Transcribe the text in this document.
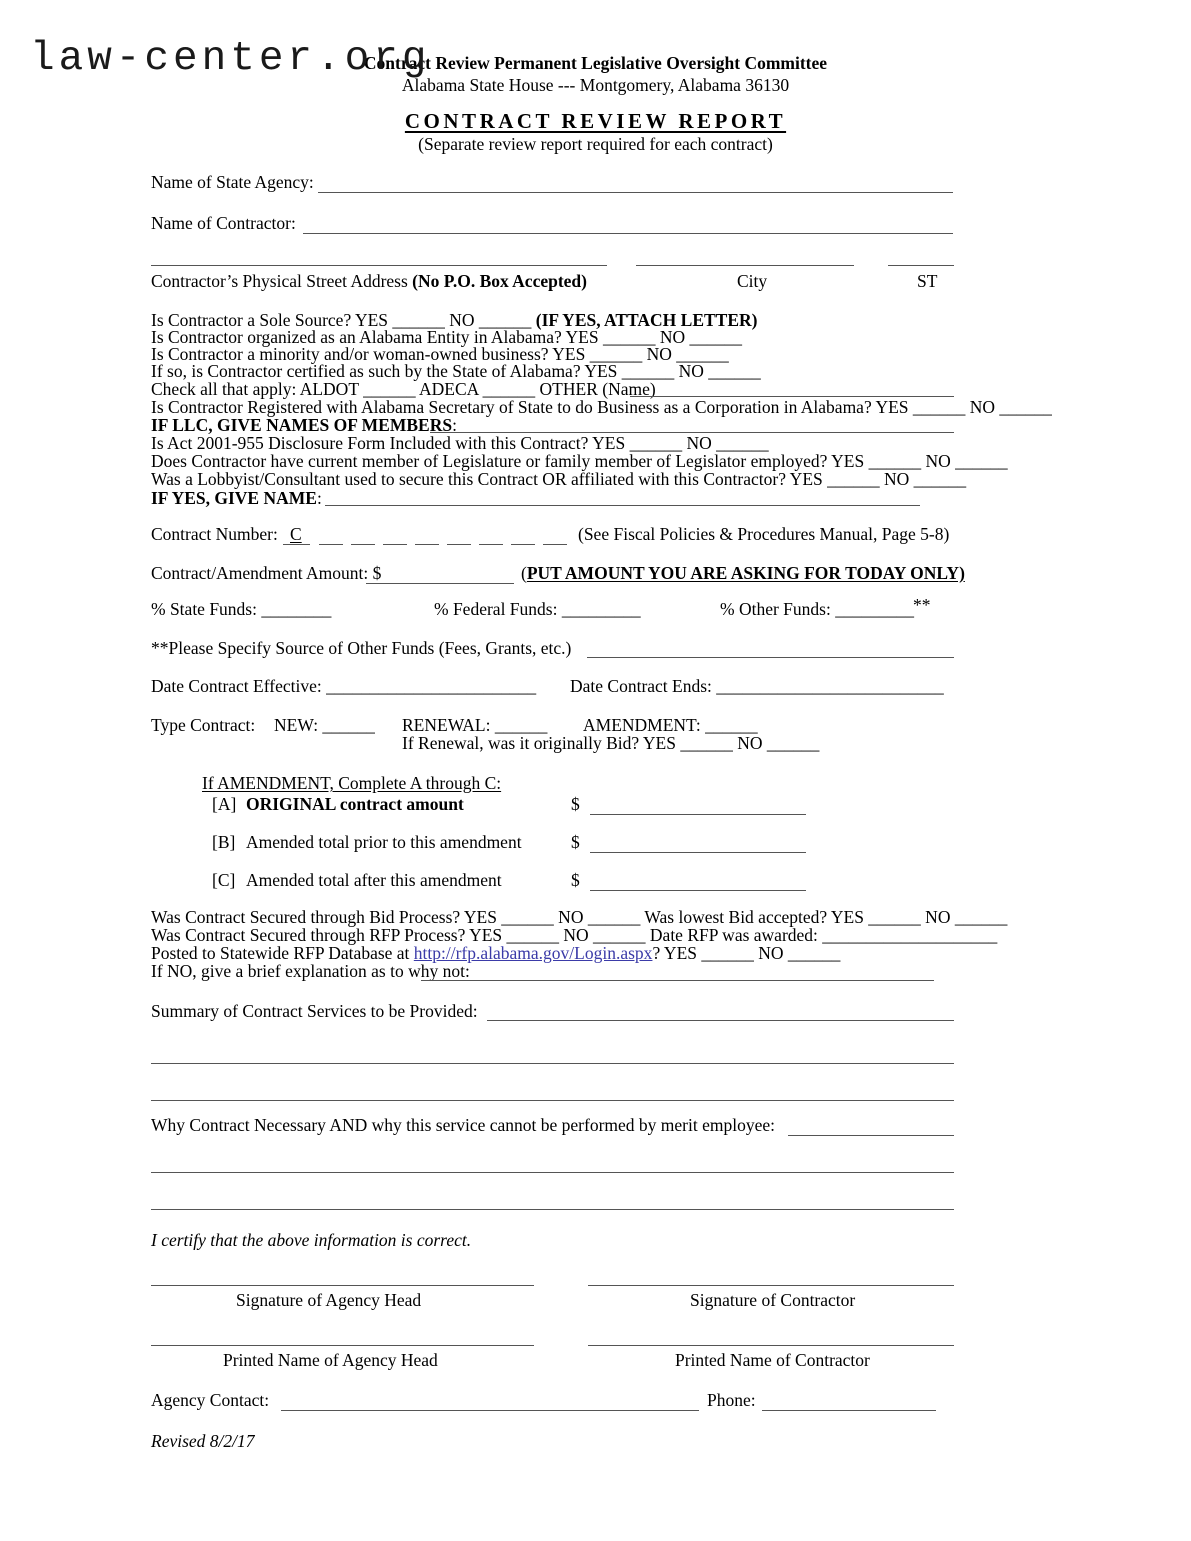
law-center.org
Contract Review Permanent Legislative Oversight Committee
Alabama State House --- Montgomery, Alabama 36130
CONTRACT REVIEW REPORT
(Separate review report required for each contract)
Name of State Agency:
Name of Contractor:
Contractor’s Physical Street Address (No P.O. Box Accepted)	City	ST
Is Contractor a Sole Source? YES ______ NO ______ (IF YES, ATTACH LETTER)
Is Contractor organized as an Alabama Entity in Alabama? YES ______ NO ______
Is Contractor a minority and/or woman-owned business? YES ______ NO ______
If so, is Contractor certified as such by the State of Alabama? YES ______ NO ______
Check all that apply: ALDOT ______ ADECA ______ OTHER (Name)
Is Contractor Registered with Alabama Secretary of State to do Business as a Corporation in Alabama? YES ______ NO ______
IF LLC, GIVE NAMES OF MEMBERS:
Is Act 2001-955 Disclosure Form Included with this Contract? YES ______ NO ______
Does Contractor have current member of Legislature or family member of Legislator employed? YES ______ NO ______
Was a Lobbyist/Consultant used to secure this Contract OR affiliated with this Contractor? YES ______ NO ______
IF YES, GIVE NAME:
Contract Number: C	(See Fiscal Policies & Procedures Manual, Page 5-8)
Contract/Amendment Amount: $	(PUT AMOUNT YOU ARE ASKING FOR TODAY ONLY)
% State Funds: ________	% Federal Funds: _________	% Other Funds: _________ **
**Please Specify Source of Other Funds (Fees, Grants, etc.)
Date Contract Effective: ________________________ Date Contract Ends: __________________________
Type Contract: NEW: ______ RENEWAL: ______ AMENDMENT: ______
If Renewal, was it originally Bid? YES ______ NO ______
If AMENDMENT, Complete A through C:
[A] ORIGINAL contract amount	$
[B] Amended total prior to this amendment	$
[C] Amended total after this amendment	$
Was Contract Secured through Bid Process? YES ______ NO ______ Was lowest Bid accepted? YES ______ NO ______
Was Contract Secured through RFP Process? YES ______ NO ______ Date RFP was awarded: ____________________
Posted to Statewide RFP Database at http://rfp.alabama.gov/Login.aspx? YES ______ NO ______
If NO, give a brief explanation as to why not:
Summary of Contract Services to be Provided:
Why Contract Necessary AND why this service cannot be performed by merit employee:
I certify that the above information is correct.
Signature of Agency Head	Signature of Contractor
Printed Name of Agency Head	Printed Name of Contractor
Agency Contact:	Phone:
Revised 8/2/17
